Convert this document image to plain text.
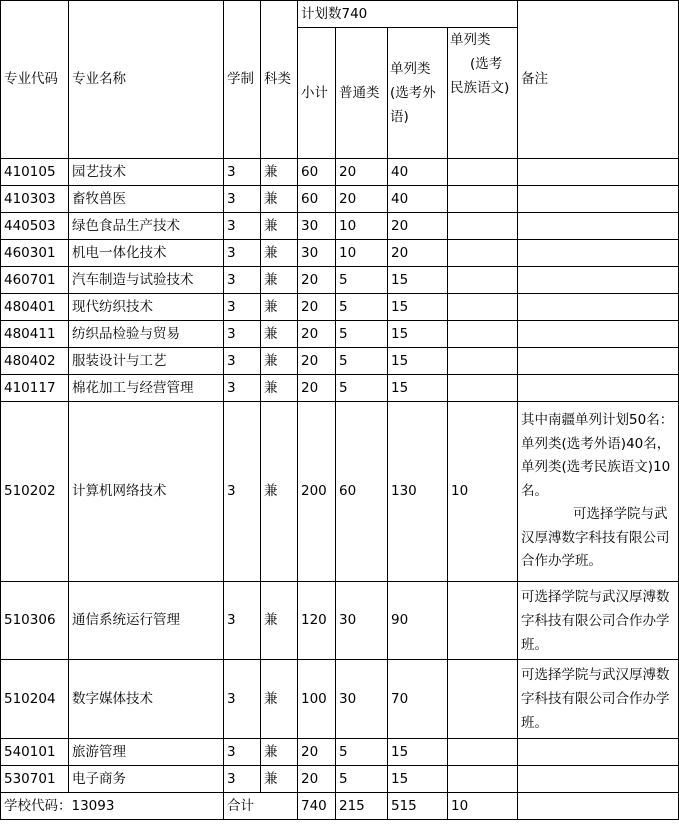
专业代码	专业名称	学制	科类	计划数740				备注
				小计	普通类	单列类(选考外语)	单列类
(选考民族语文)	
410105	园艺技术	3	兼	60	20	40		
410303	畜牧兽医	3	兼	60	20	40		
440503	绿色食品生产技术	3	兼	30	10	20		
460301	机电一体化技术	3	兼	30	10	20		
460701	汽车制造与试验技术	3	兼	20	5	15		
480401	现代纺织技术	3	兼	20	5	15		
480411	纺织品检验与贸易	3	兼	20	5	15		
480402	服装设计与工艺	3	兼	20	5	15		
410117	棉花加工与经营管理	3	兼	20	5	15		
510202	计算机网络技术	3	兼	200	60	130	10	其中南疆单列计划50名：单列类(选考外语)40名，单列类(选考民族语文)10名。
可选择学院与武汉厚溥数字科技有限公司合作办学班。
510306	通信系统运行管理	3	兼	120	30	90		可选择学院与武汉厚溥数字科技有限公司合作办学班。
510204	数字媒体技术	3	兼	100	30	70		可选择学院与武汉厚溥数字科技有限公司合作办学班。
540101	旅游管理	3	兼	20	5	15		
530701	电子商务	3	兼	20	5	15		
学校代码：13093		合计		740	215	515	10	
